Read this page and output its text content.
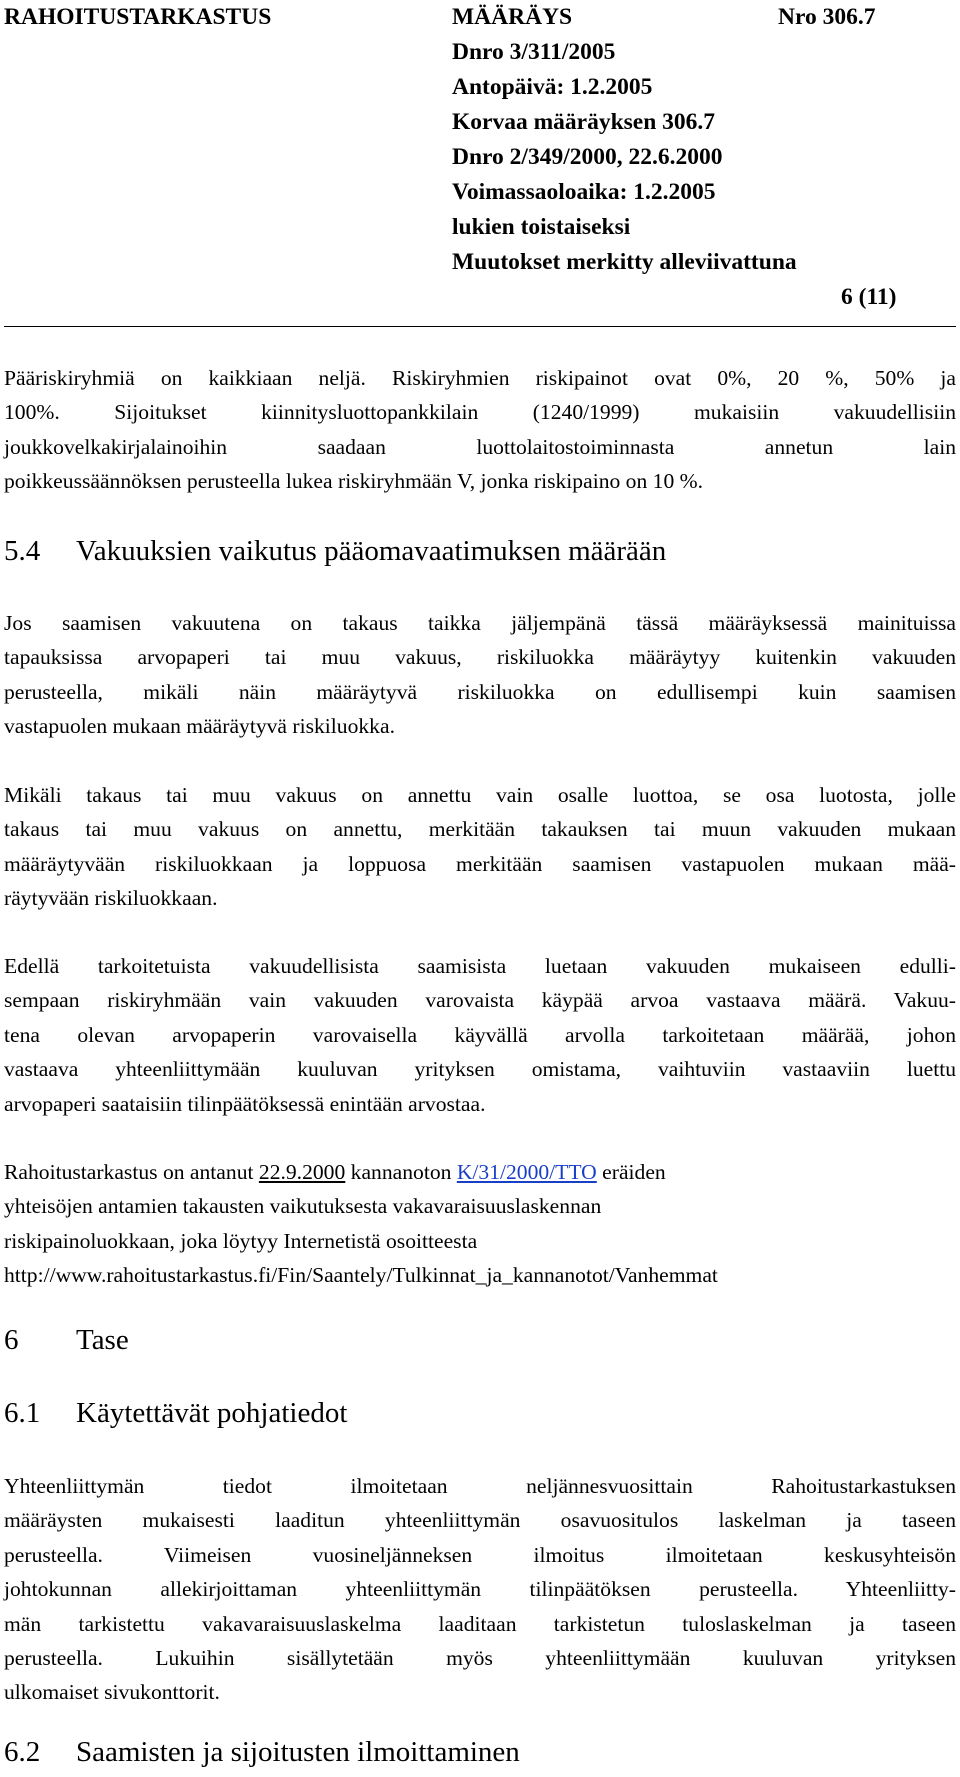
RAHOITUSTARKASTUS	MÄÄRÄYS	Nro 306.7
Dnro 3/311/2005
Antopäivä: 1.2.2005
Korvaa määräyksen 306.7
Dnro 2/349/2000, 22.6.2000
Voimassaoloaika: 1.2.2005
lukien toistaiseksi
Muutokset merkitty alleviivattuna
6 (11)
Pääriskiryhmiä on kaikkiaan neljä. Riskiryhmien riskipainot ovat 0%, 20 %, 50% ja
100%. Sijoitukset kiinnitysluottopankkilain (1240/1999) mukaisiin vakuudellisiin
joukkovelkakirjalainoihin saadaan luottolaitostoiminnasta annetun lain
poikkeussäännöksen perusteella lukea riskiryhmään V, jonka riskipaino on 10 %.
5.4 Vakuuksien vaikutus pääomavaatimuksen määrään
Jos saamisen vakuutena on takaus taikka jäljempänä tässä määräyksessä mainituissa
tapauksissa arvopaperi tai muu vakuus, riskiluokka määräytyy kuitenkin vakuuden
perusteella, mikäli näin määräytyvä riskiluokka on edullisempi kuin saamisen
vastapuolen mukaan määräytyvä riskiluokka.
Mikäli takaus tai muu vakuus on annettu vain osalle luottoa, se osa luotosta, jolle
takaus tai muu vakuus on annettu, merkitään takauksen tai muun vakuuden mukaan
määräytyvään riskiluokkaan ja loppuosa merkitään saamisen vastapuolen mukaan mää-
räytyvään riskiluokkaan.
Edellä tarkoitetuista vakuudellisista saamisista luetaan vakuuden mukaiseen edulli-
sempaan riskiryhmään vain vakuuden varovaista käypää arvoa vastaava määrä. Vakuu-
tena olevan arvopaperin varovaisella käyvällä arvolla tarkoitetaan määrää, johon
vastaava yhteenliittymään kuuluvan yrityksen omistama, vaihtuviin vastaaviin luettu
arvopaperi saataisiin tilinpäätöksessä enintään arvostaa.
Rahoitustarkastus on antanut 22.9.2000 kannanoton K/31/2000/TTO eräiden
yhteisöjen antamien takausten vaikutuksesta vakavaraisuuslaskennan
riskipainoluokkaan, joka löytyy Internetistä osoitteesta
http://www.rahoitustarkastus.fi/Fin/Saantely/Tulkinnat_ja_kannanotot/Vanhemmat
6 Tase
6.1 Käytettävät pohjatiedot
Yhteenliittymän tiedot ilmoitetaan neljännesvuosittain Rahoitustarkastuksen
määräysten mukaisesti laaditun yhteenliittymän osavuositulos laskelman ja taseen
perusteella. Viimeisen vuosineljänneksen ilmoitus ilmoitetaan keskusyhteisön
johtokunnan allekirjoittaman yhteenliittymän tilinpäätöksen perusteella. Yhteenliitty-
män tarkistettu vakavaraisuuslaskelma laaditaan tarkistetun tuloslaskelman ja taseen
perusteella. Lukuihin sisällytetään myös yhteenliittymään kuuluvan yrityksen
ulkomaiset sivukonttorit.
6.2 Saamisten ja sijoitusten ilmoittaminen
